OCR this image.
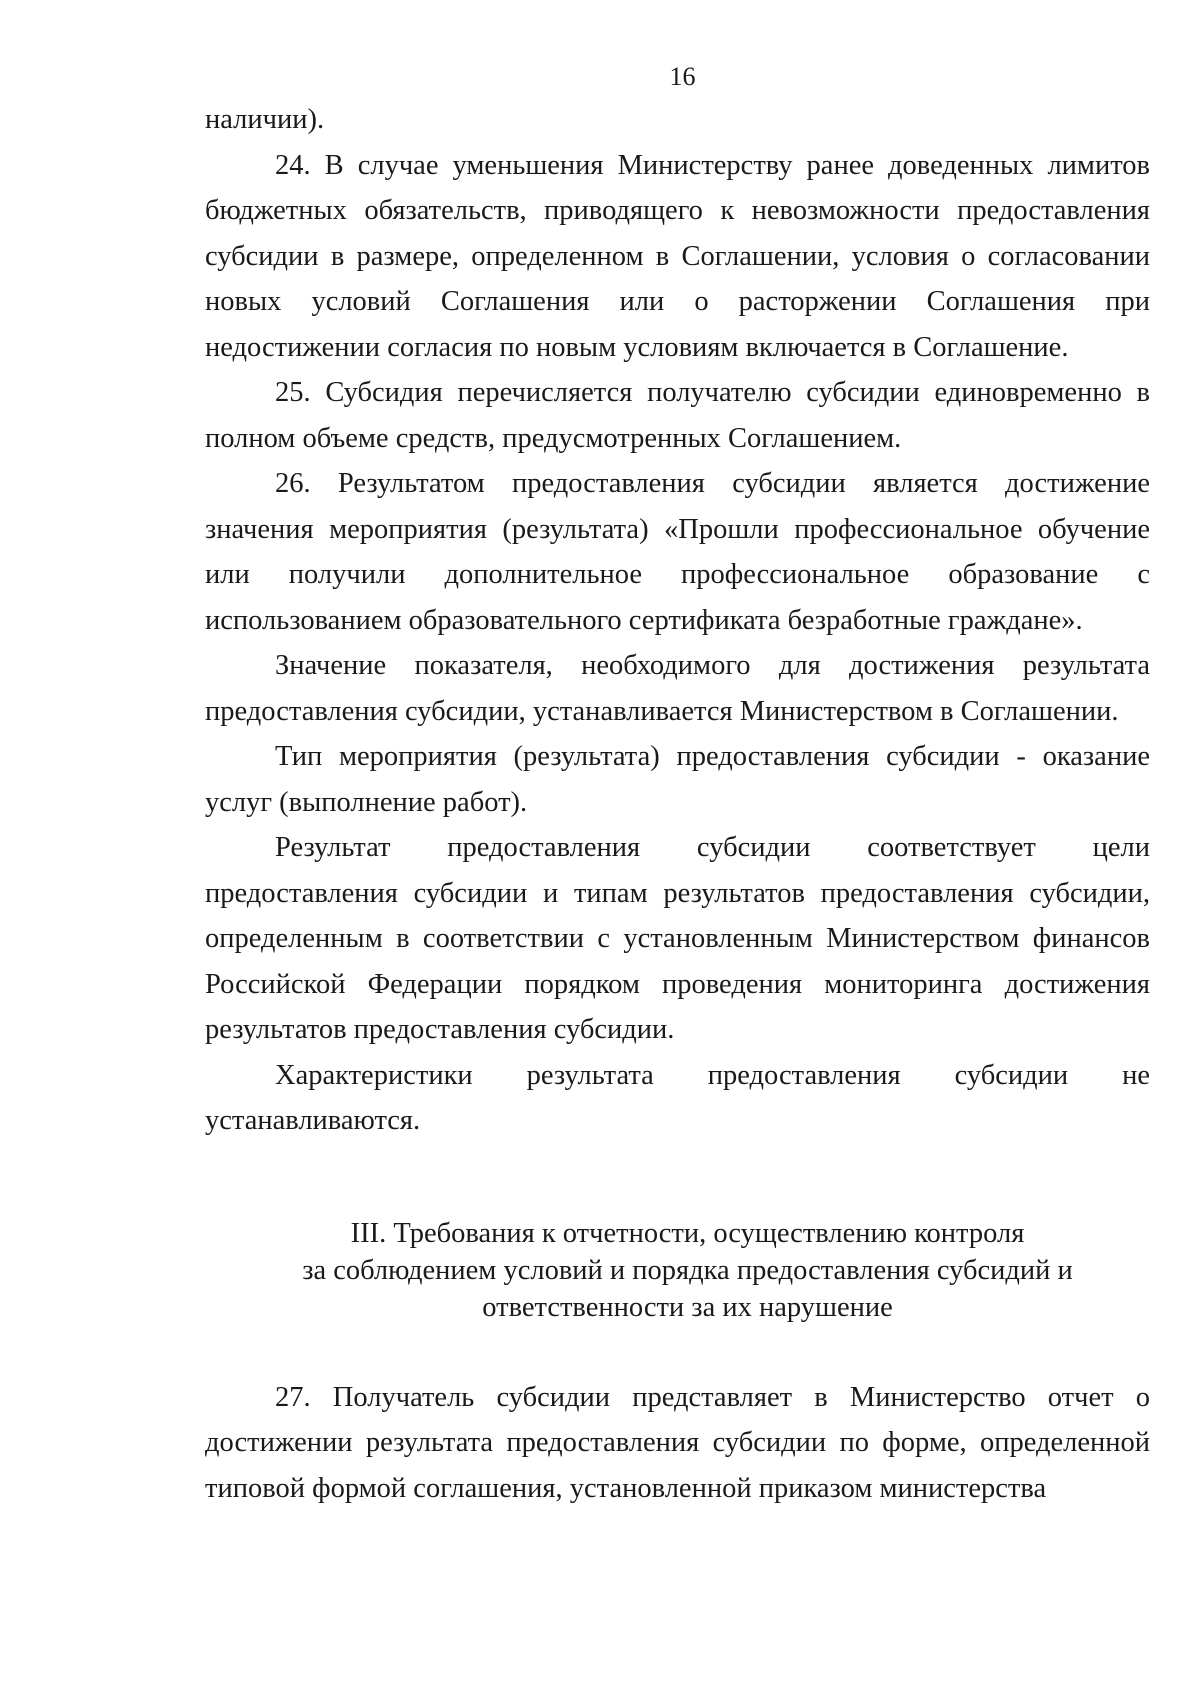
16

наличии).

24. В случае уменьшения Министерству ранее доведенных лимитов бюджетных обязательств, приводящего к невозможности предоставления субсидии в размере, определенном в Соглашении, условия о согласовании новых условий Соглашения или о расторжении Соглашения при недостижении согласия по новым условиям включается в Соглашение.

25. Субсидия перечисляется получателю субсидии единовременно в полном объеме средств, предусмотренных Соглашением.

26. Результатом предоставления субсидии является достижение значения мероприятия (результата) «Прошли профессиональное обучение или получили дополнительное профессиональное образование с использованием образовательного сертификата безработные граждане».

Значение показателя, необходимого для достижения результата предоставления субсидии, устанавливается Министерством в Соглашении.

Тип мероприятия (результата) предоставления субсидии - оказание услуг (выполнение работ).

Результат предоставления субсидии соответствует цели предоставления субсидии и типам результатов предоставления субсидии, определенным в соответствии с установленным Министерством финансов Российской Федерации порядком проведения мониторинга достижения результатов предоставления субсидии.

Характеристики результата предоставления субсидии не устанавливаются.

III. Требования к отчетности, осуществлению контроля
за соблюдением условий и порядка предоставления субсидий и
ответственности за их нарушение

27. Получатель субсидии представляет в Министерство отчет о достижении результата предоставления субсидии по форме, определенной типовой формой соглашения, установленной приказом министерства
